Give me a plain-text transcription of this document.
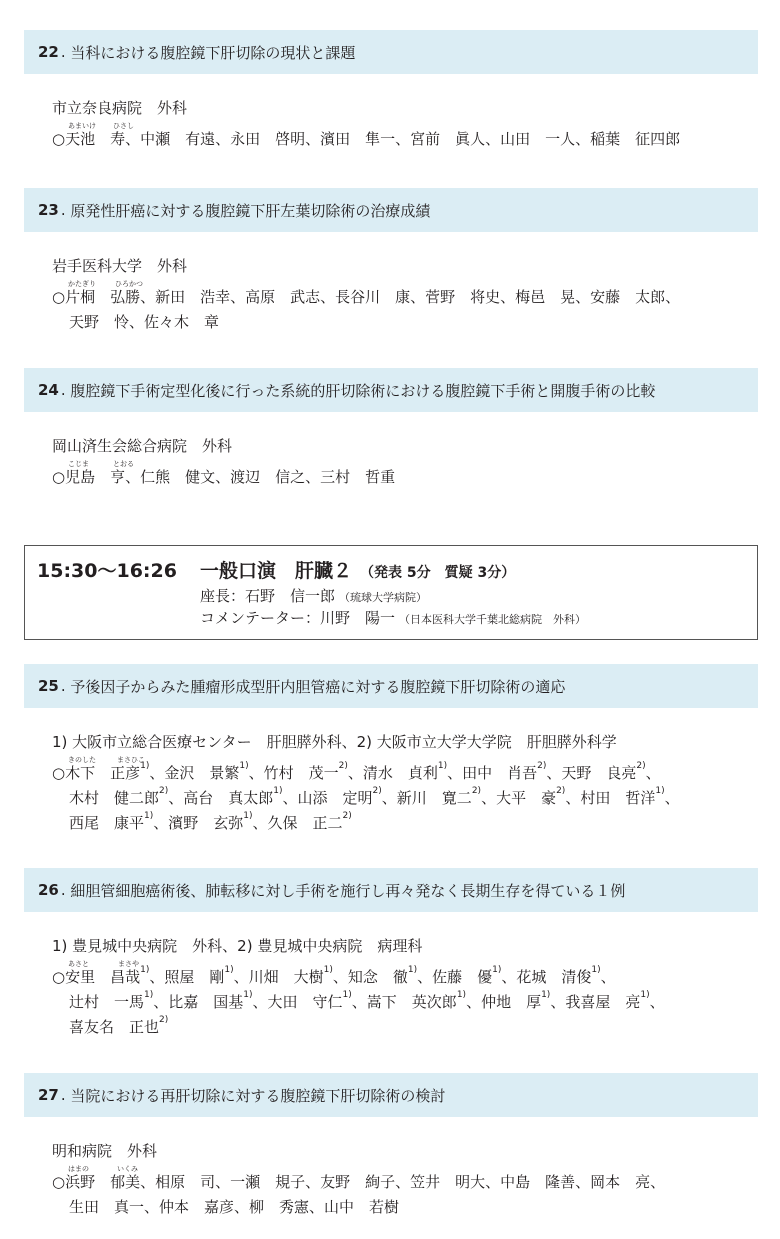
22 . 当科における腹腔鏡下肝切除の現状と課題
市立奈良病院　外科
あまいけ ひさし
○天池　寿、中瀬　有遠、永田　啓明、濱田　隼一、宮前　眞人、山田　一人、稲葉　征四郎
23 . 原発性肝癌に対する腹腔鏡下肝左葉切除術の治療成績
岩手医科大学　外科
かたぎり	ひろかつ
○片桐　弘勝、新田　浩幸、高原　武志、長谷川　康、菅野　将史、梅邑　晃、安藤　太郎、
天野　怜、佐々木　章
24 . 腹腔鏡下手術定型化後に行った系統的肝切除術における腹腔鏡下手術と開腹手術の比較
岡山済生会総合病院　外科
こじま	とおる
○児島　亨、仁熊　健文、渡辺　信之、三村　哲重
15:30〜16:26 一般口演　肝臓２ （発表 5分　質疑 3分）
座長：石野　信一郎 （琉球大学病院）
コメンテーター：川野　陽一 （日本医科大学千葉北総病院　外科）
25 . 予後因子からみた腫瘤形成型肝内胆管癌に対する腹腔鏡下肝切除術の適応
1) 大阪市立総合医療センター　肝胆膵外科、2) 大阪市立大学大学院　肝胆膵外科学
きのした	まさひこ
○木下　正彦$^{1)}$、金沢　景繁$^{1)}$、竹村　茂一$^{2)}$、清水　貞利$^{1)}$、田中　肖吾$^{2)}$、天野　良亮$^{2)}$、
木村　健二郎$^{2)}$、高台　真太郎$^{1)}$、山添　定明$^{2)}$、新川　寛二$^{2)}$、大平　豪$^{2)}$、村田　哲洋$^{1)}$、
西尾　康平$^{1)}$、濱野　玄弥$^{1)}$、久保　正二$^{2)}$
26 . 細胆管細胞癌術後、肺転移に対し手術を施行し再々発なく長期生存を得ている１例
1) 豊見城中央病院　外科、2) 豊見城中央病院　病理科
あさと	まさや
○安里　昌哉$^{1)}$、照屋　剛$^{1)}$、川畑　大樹$^{1)}$、知念　徹$^{1)}$、佐藤　優$^{1)}$、花城　清俊$^{1)}$、
辻村　一馬$^{1)}$、比嘉　国基$^{1)}$、大田　守仁$^{1)}$、嵩下　英次郎$^{1)}$、仲地　厚$^{1)}$、我喜屋　亮$^{1)}$、
喜友名　正也$^{2)}$
27 . 当院における再肝切除に対する腹腔鏡下肝切除術の検討
明和病院　外科
はまの	いくみ
○浜野　郁美、相原　司、一瀬　規子、友野　絢子、笠井　明大、中島　隆善、岡本　亮、
生田　真一、仲本　嘉彦、柳　秀憲、山中　若樹
